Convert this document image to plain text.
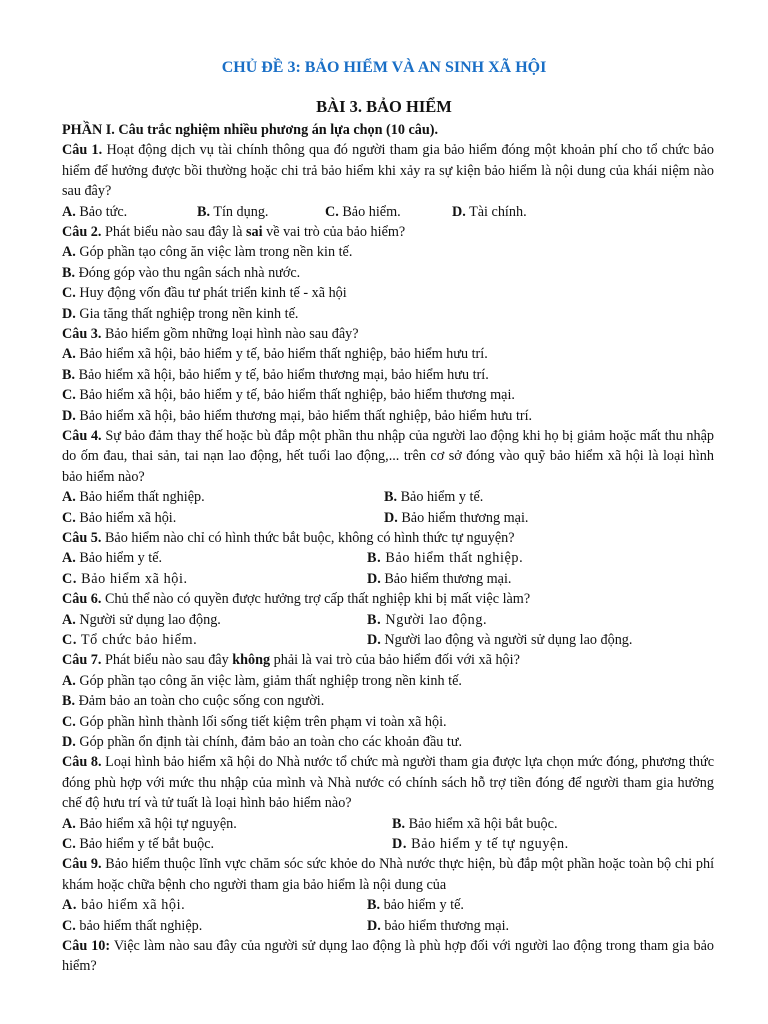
CHỦ ĐỀ 3: BẢO HIỂM VÀ AN SINH XÃ HỘI
BÀI 3. BẢO HIỂM

PHẦN I. Câu trắc nghiệm nhiều phương án lựa chọn (10 câu).

Câu 1. Hoạt động dịch vụ tài chính thông qua đó người tham gia bảo hiểm đóng một khoản phí cho tổ chức bảo hiểm để hưởng được bồi thường hoặc chi trả bảo hiểm khi xảy ra sự kiện bảo hiểm là nội dung của khái niệm nào sau đây?

A. Bảo tức.	B. Tín dụng.	C. Bảo hiểm.	D. Tài chính.

Câu 2. Phát biểu nào sau đây là sai về vai trò của bảo hiểm?

A. Góp phần tạo công ăn việc làm trong nền kin tế.

B. Đóng góp vào thu ngân sách nhà nước.

C. Huy động vốn đầu tư phát triển kinh tế - xã hội

D. Gia tăng thất nghiệp trong nền kinh tế.

Câu 3. Bảo hiểm gồm những loại hình nào sau đây?

A. Bảo hiểm xã hội, bảo hiểm y tế, bảo hiểm thất nghiệp, bảo hiểm hưu trí.

B. Bảo hiểm xã hội, bảo hiểm y tế, bảo hiểm thương mại, bảo hiểm hưu trí.

C. Bảo hiểm xã hội, bảo hiểm y tế, bảo hiểm thất nghiệp, bảo hiểm thương mại.

D. Bảo hiểm xã hội, bảo hiểm thương mại, bảo hiểm thất nghiệp, bảo hiểm hưu trí.

Câu 4. Sự bảo đảm thay thế hoặc bù đắp một phần thu nhập của người lao động khi họ bị giảm hoặc mất thu nhập do ốm đau, thai sản, tai nạn lao động, hết tuổi lao động,... trên cơ sở đóng vào quỹ bảo hiểm xã hội là loại hình bảo hiểm nào?

A. Bảo hiểm thất nghiệp.	B. Bảo hiểm y tế.
C. Bảo hiểm xã hội.	D. Bảo hiểm thương mại.

Câu 5. Bảo hiểm nào chỉ có hình thức bắt buộc, không có hình thức tự nguyện?

A. Bảo hiểm y tế.	B. Bảo hiểm thất nghiệp.
C. Bảo hiểm xã hội.	D. Bảo hiểm thương mại.

Câu 6. Chủ thể nào có quyền được hưởng trợ cấp thất nghiệp khi bị mất việc làm?

A. Người sử dụng lao động.	B. Người lao động.
C. Tổ chức bảo hiểm.	D. Người lao động và người sử dụng lao động.

Câu 7. Phát biểu nào sau đây không phải là vai trò của bảo hiểm đối với xã hội?

A. Góp phần tạo công ăn việc làm, giảm thất nghiệp trong nền kinh tế.

B. Đảm bảo an toàn cho cuộc sống con người.

C. Góp phần hình thành lối sống tiết kiệm trên phạm vi toàn xã hội.

D. Góp phần ổn định tài chính, đảm bảo an toàn cho các khoản đầu tư.

Câu 8. Loại hình bảo hiểm xã hội do Nhà nước tổ chức mà người tham gia được lựa chọn mức đóng, phương thức đóng phù hợp với mức thu nhập của mình và Nhà nước có chính sách hỗ trợ tiền đóng để người tham gia hưởng chế độ hưu trí và tử tuất là loại hình bảo hiểm nào?

A. Bảo hiểm xã hội tự nguyện.	B. Bảo hiểm xã hội bắt buộc.
C. Bảo hiểm y tế bắt buộc.	D. Bảo hiểm y tế tự nguyện.

Câu 9. Bảo hiểm thuộc lĩnh vực chăm sóc sức khỏe do Nhà nước thực hiện, bù đắp một phần hoặc toàn bộ chi phí khám hoặc chữa bệnh cho người tham gia bảo hiểm là nội dung của

A. bảo hiểm xã hội.	B. bảo hiểm y tế.
C. bảo hiểm thất nghiệp.	D. bảo hiểm thương mại.

Câu 10: Việc làm nào sau đây của người sử dụng lao động là phù hợp đối với người lao động trong tham gia bảo hiểm?
